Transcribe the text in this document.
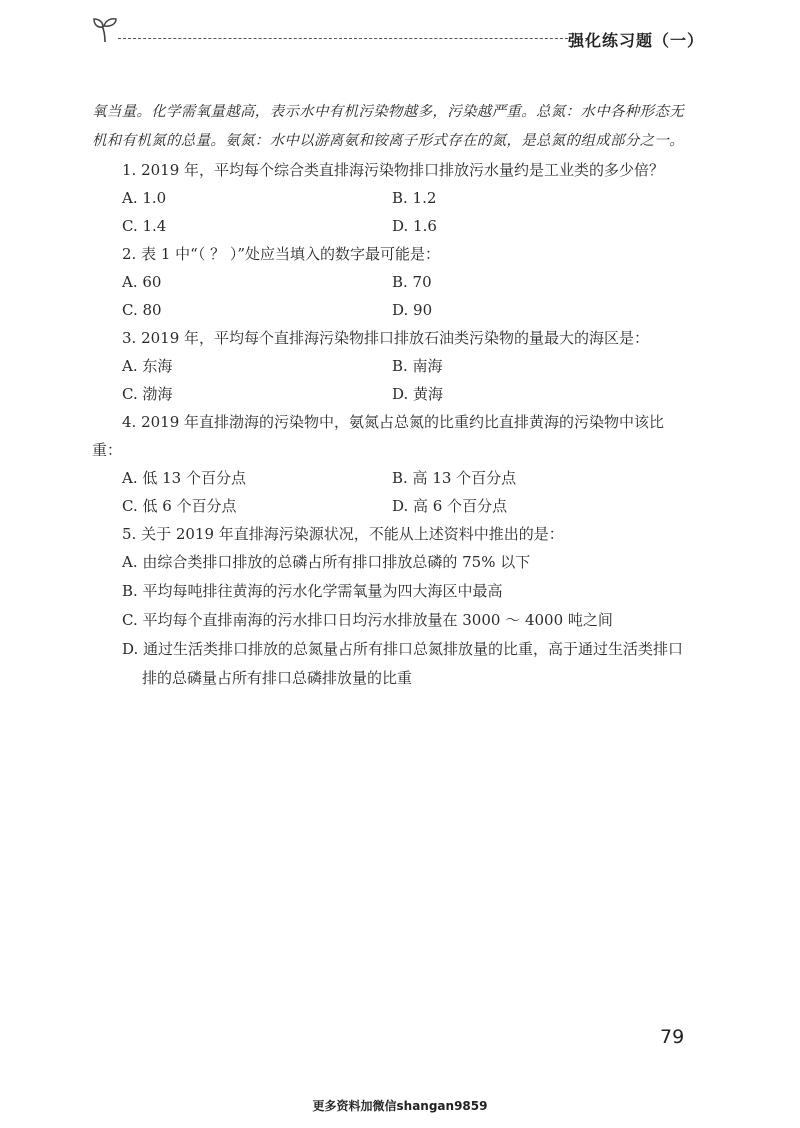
强化练习题（一）

氧当量。化学需氧量越高，表示水中有机污染物越多，污染越严重。总氮：水中各种形态无机和有机氮的总量。氨氮：水中以游离氨和铵离子形式存在的氮，是总氮的组成部分之一。

1. 2019 年，平均每个综合类直排海污染物排口排放污水量约是工业类的多少倍？

A. 1.0	B. 1.2
C. 1.4	D. 1.6

2. 表 1 中“（ ？ ）”处应当填入的数字最可能是：

A. 60	B. 70
C. 80	D. 90

3. 2019 年，平均每个直排海污染物排口排放石油类污染物的量最大的海区是：

A. 东海	B. 南海
C. 渤海	D. 黄海

4. 2019 年直排渤海的污染物中，氨氮占总氮的比重约比直排黄海的污染物中该比重：

A. 低 13 个百分点	B. 高 13 个百分点
C. 低 6 个百分点	D. 高 6 个百分点

5. 关于 2019 年直排海污染源状况，不能从上述资料中推出的是：

A. 由综合类排口排放的总磷占所有排口排放总磷的 75% 以下
B. 平均每吨排往黄海的污水化学需氧量为四大海区中最高
C. 平均每个直排南海的污水排口日均污水排放量在 3000 ～ 4000 吨之间
D. 通过生活类排口排放的总氮量占所有排口总氮排放量的比重，高于通过生活类排口排的总磷量占所有排口总磷排放量的比重
79
更多资料加微信shangan9859
